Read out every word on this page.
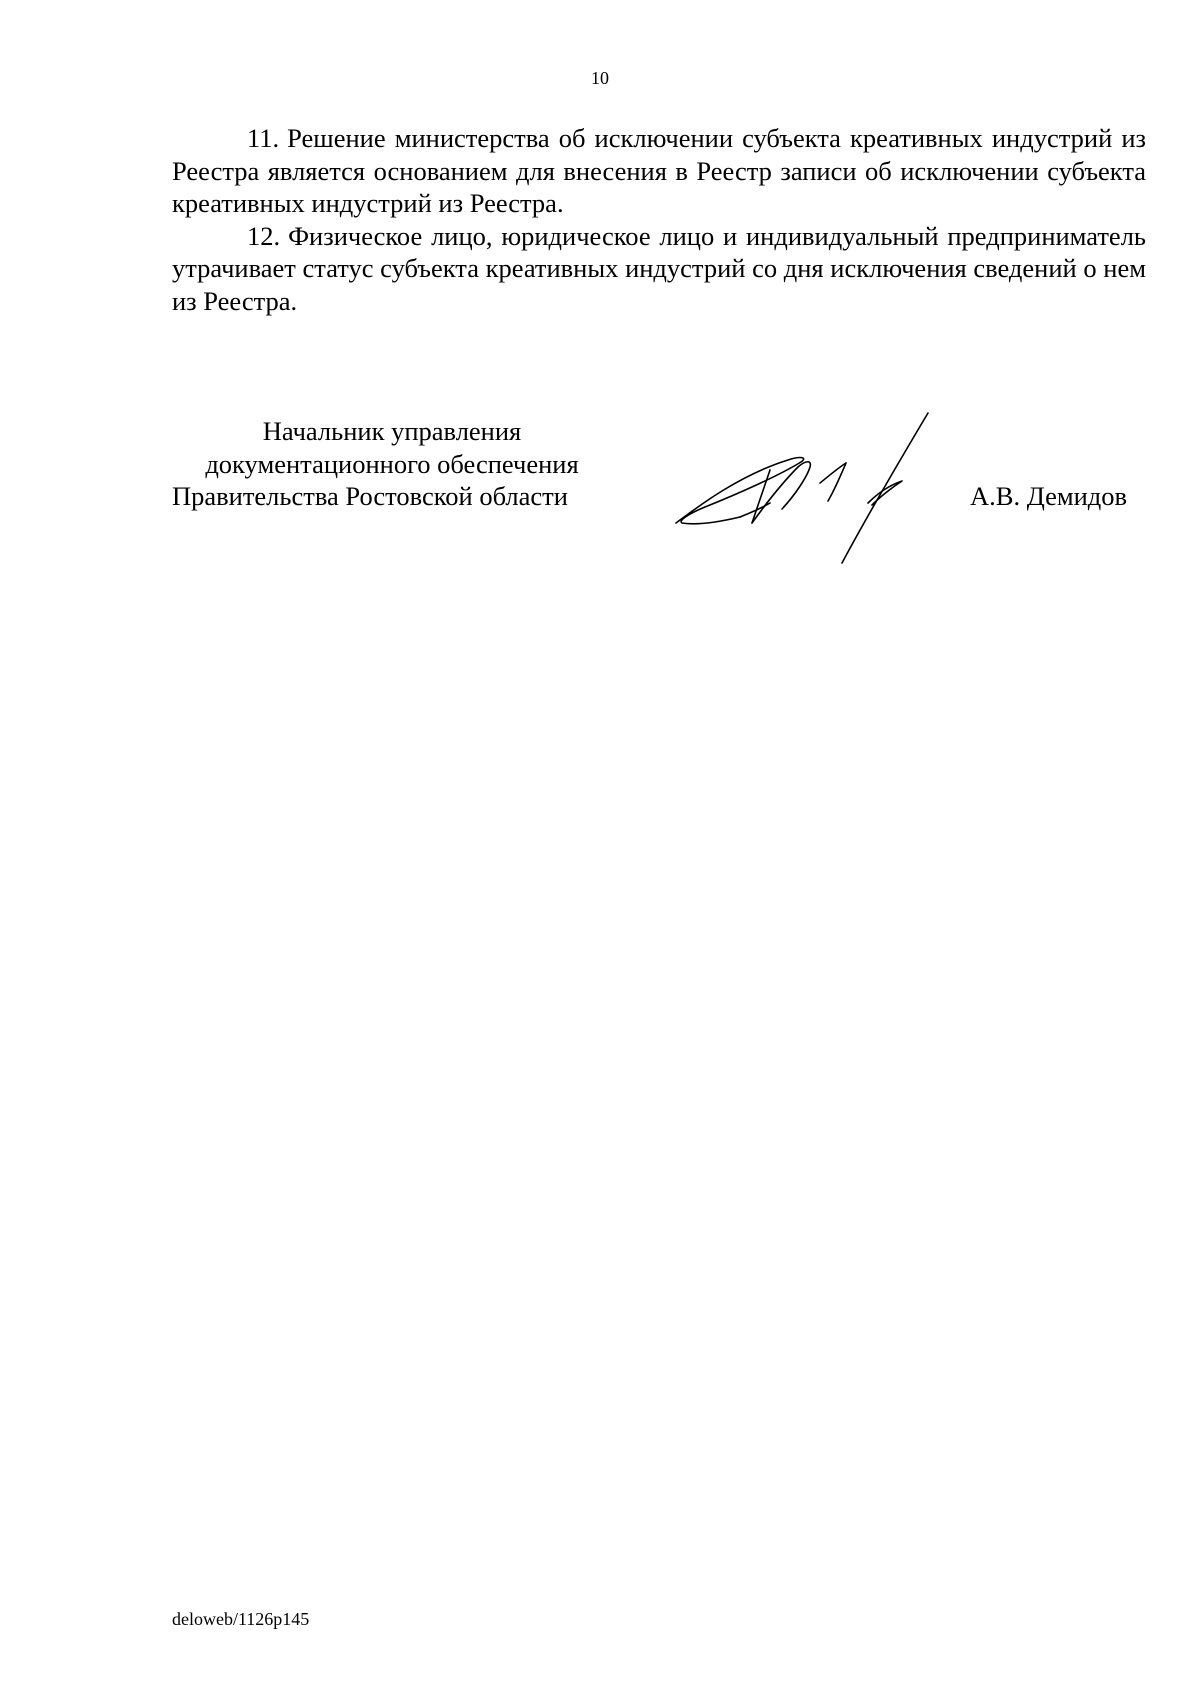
10

11. Решение министерства об исключении субъекта креативных индустрий из Реестра является основанием для внесения в Реестр записи об исключении субъекта креативных индустрий из Реестра.

12. Физическое лицо, юридическое лицо и индивидуальный предприниматель утрачивает статус субъекта креативных индустрий со дня исключения сведений о нем из Реестра.

Начальник управления
документационного обеспечения
Правительства Ростовской области	А.В. Демидов
deloweb/1126p145
